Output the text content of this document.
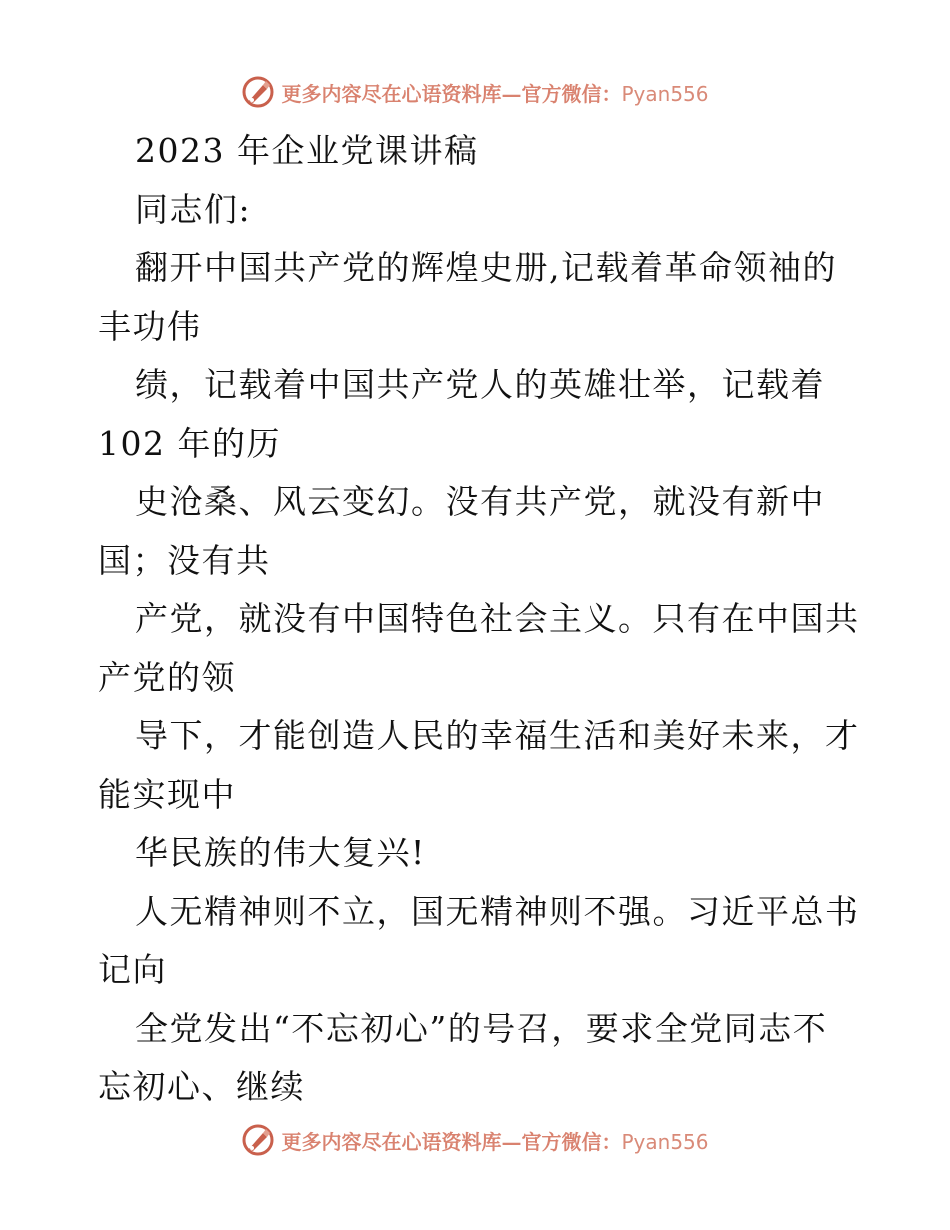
更多内容尽在心语资料库—官方微信：Pyan556
2023 年企业党课讲稿
同志们:
翻开中国共产党的辉煌史册,记载着革命领袖的
丰功伟
绩，记载着中国共产党人的英雄壮举，记载着
102 年的历
史沧桑、风云变幻。没有共产党，就没有新中
国；没有共
产党，就没有中国特色社会主义。只有在中国共
产党的领
导下，才能创造人民的幸福生活和美好未来，才
能实现中
华民族的伟大复兴!
人无精神则不立，国无精神则不强。习近平总书
记向
全党发出“不忘初心”的号召，要求全党同志不
忘初心、继续
更多内容尽在心语资料库—官方微信：Pyan556
